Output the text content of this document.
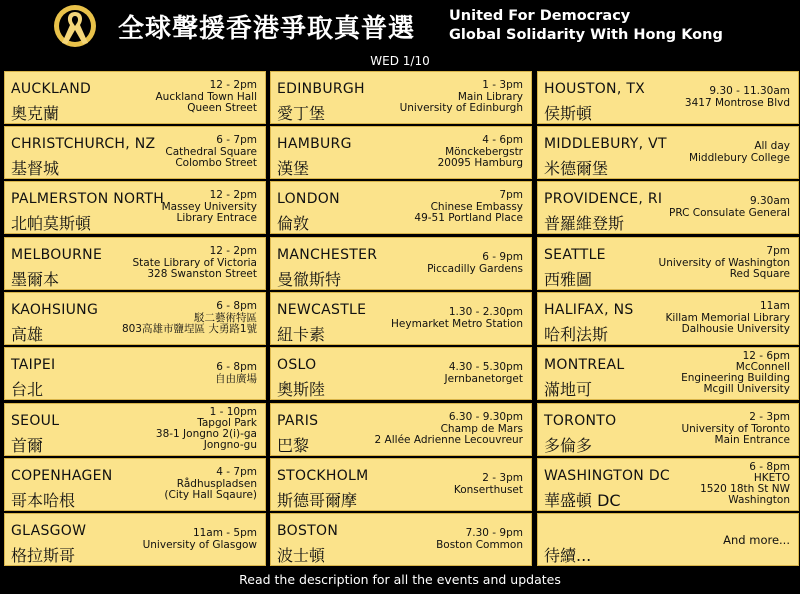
全球聲援香港爭取真普選 United For Democracy
Global Solidarity With Hong Kong
WED 1/10
AUCKLAND
奧克蘭
12 - 2pm
Auckland Town Hall
Queen Street
CHRISTCHURCH, NZ
基督城
6 - 7pm
Cathedral Square
Colombo Street
PALMERSTON NORTH
北帕莫斯頓
12 - 2pm
Massey University
Library Entrace
MELBOURNE
墨爾本
12 - 2pm
State Library of Victoria
328 Swanston Street
KAOHSIUNG
高雄
6 - 8pm
駁二藝術特區
803高雄市鹽埕區 大勇路1號
TAIPEI
台北
6 - 8pm
自由廣場
SEOUL
首爾
1 - 10pm
Tapgol Park
38-1 Jongno 2(i)-ga
Jongno-gu
COPENHAGEN
哥本哈根
4 - 7pm
Rådhuspladsen
(City Hall Sqaure)
GLASGOW
格拉斯哥
11am - 5pm
University of Glasgow
EDINBURGH
愛丁堡
1 - 3pm
Main Library
University of Edinburgh
HAMBURG
漢堡
4 - 6pm
Mönckebergstr
20095 Hamburg
LONDON
倫敦
7pm
Chinese Embassy
49-51 Portland Place
MANCHESTER
曼徹斯特
6 - 9pm
Piccadilly Gardens
NEWCASTLE
紐卡素
1.30 - 2.30pm
Heymarket Metro Station
OSLO
奧斯陸
4.30 - 5.30pm
Jernbanetorget
PARIS
巴黎
6.30 - 9.30pm
Champ de Mars
2 Allée Adrienne Lecouvreur
STOCKHOLM
斯德哥爾摩
2 - 3pm
Konserthuset
BOSTON
波士頓
7.30 - 9pm
Boston Common
HOUSTON, TX
侯斯頓
9.30 - 11.30am
3417 Montrose Blvd
MIDDLEBURY, VT
米德爾堡
All day
Middlebury College
PROVIDENCE, RI
普羅維登斯
9.30am
PRC Consulate General
SEATTLE
西雅圖
7pm
University of Washington
Red Square
HALIFAX, NS
哈利法斯
11am
Killam Memorial Library
Dalhousie University
MONTREAL
滿地可
12 - 6pm
McConnell
Engineering Building
Mcgill University
TORONTO
多倫多
2 - 3pm
University of Toronto
Main Entrance
WASHINGTON DC
華盛頓 DC
6 - 8pm
HKETO
1520 18th St NW
Washington
待續...
And more...
Read the description for all the events and updates
